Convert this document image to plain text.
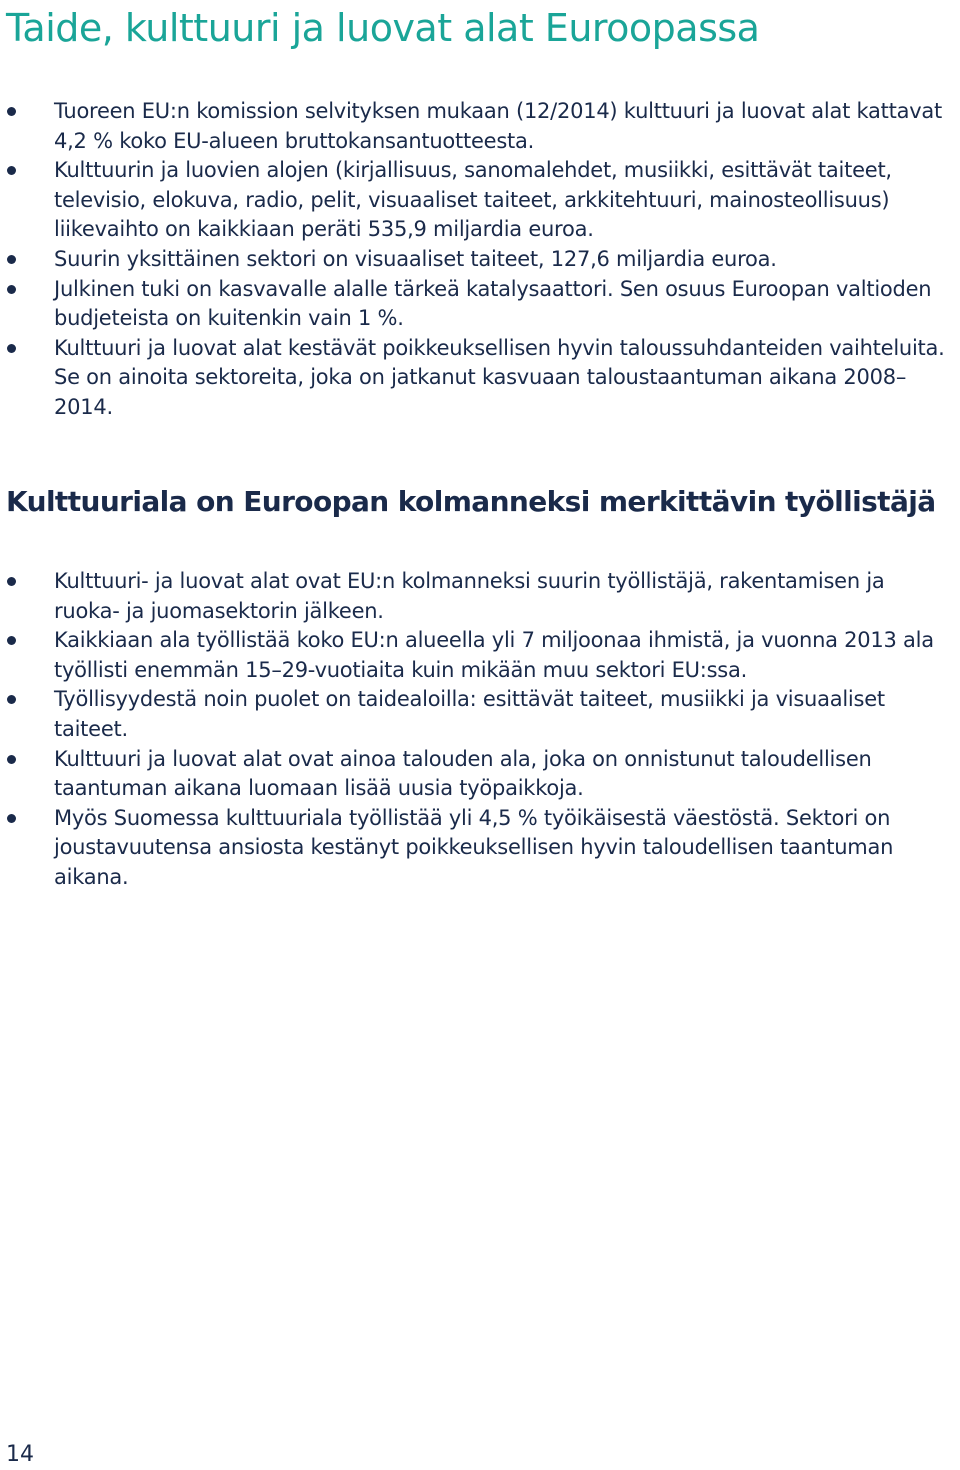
Taide, kulttuuri ja luovat alat Euroopassa
Tuoreen EU:n komission selvityksen mukaan (12/2014) kulttuuri ja luovat alat kattavat 4,2 % koko EU-alueen bruttokansantuotteesta.
Kulttuurin ja luovien alojen (kirjallisuus, sanomalehdet, musiikki, esittävät taiteet, televisio, elokuva, radio, pelit, visuaaliset taiteet, arkkitehtuuri, mainosteollisuus) liikevaihto on kaikkiaan peräti 535,9 miljardia euroa.
Suurin yksittäinen sektori on visuaaliset taiteet, 127,6 miljardia euroa.
Julkinen tuki on kasvavalle alalle tärkeä katalysaattori. Sen osuus Euroopan valtioden budjeteista on kuitenkin vain 1 %.
Kulttuuri ja luovat alat kestävät poikkeuksellisen hyvin taloussuhdanteiden vaihteluita. Se on ainoita sektoreita, joka on jatkanut kasvuaan taloustaantuman aikana 2008–2014.
Kulttuuriala on Euroopan kolmanneksi merkittävin työllistäjä
Kulttuuri- ja luovat alat ovat EU:n kolmanneksi suurin työllistäjä, rakentamisen ja ruoka- ja juomasektorin jälkeen.
Kaikkiaan ala työllistää koko EU:n alueella yli 7 miljoonaa ihmistä, ja vuonna 2013 ala työllisti enemmän 15–29-vuotiaita kuin mikään muu sektori EU:ssa.
Työllisyydestä noin puolet on taidealoilla: esittävät taiteet, musiikki ja visuaaliset taiteet.
Kulttuuri ja luovat alat ovat ainoa talouden ala, joka on onnistunut taloudellisen taantuman aikana luomaan lisää uusia työpaikkoja.
Myös Suomessa kulttuuriala työllistää yli 4,5 % työikäisestä väestöstä. Sektori on joustavuutensa ansiosta kestänyt poikkeuksellisen hyvin taloudellisen taantuman aikana.

14
